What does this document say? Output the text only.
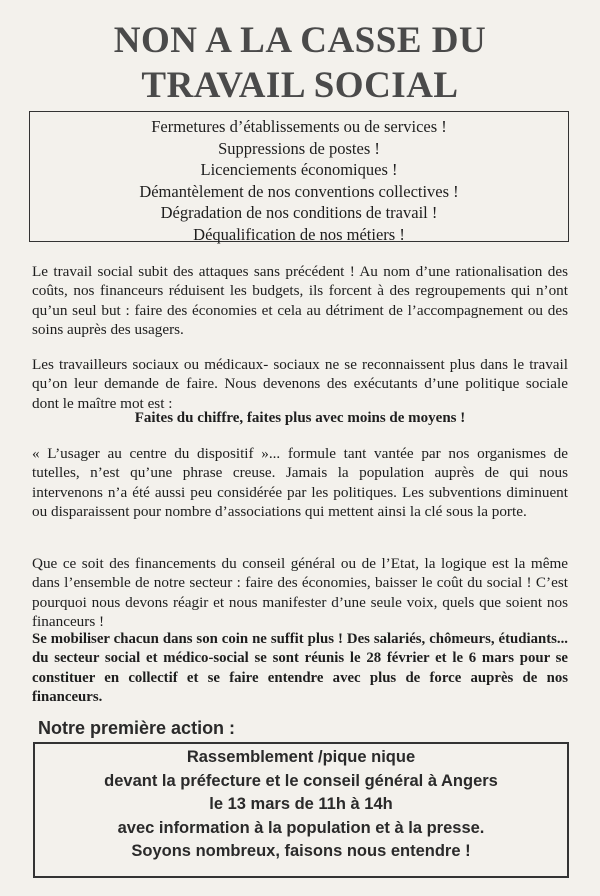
NON A LA CASSE DU
TRAVAIL SOCIAL
Fermetures d’établissements ou de services !
Suppressions de postes !
Licenciements économiques !
Démantèlement de nos conventions collectives !
Dégradation de nos conditions de travail !
Déqualification de nos métiers !
Le travail social subit des attaques sans précédent ! Au nom d’une rationalisation des coûts, nos financeurs réduisent les budgets, ils forcent à des regroupements qui n’ont qu’un seul but : faire des économies et cela au détriment de l’accompagnement ou des soins auprès des usagers.
Les travailleurs sociaux ou médicaux- sociaux ne se reconnaissent plus dans le travail qu’on leur demande de faire. Nous devenons des exécutants d’une politique sociale dont le maître mot est :
Faites du chiffre, faites plus avec moins de moyens !
« L’usager au centre du dispositif »... formule tant vantée par nos organismes de tutelles, n’est qu’une phrase creuse. Jamais la population auprès de qui nous intervenons n’a été aussi peu considérée par les politiques. Les subventions diminuent ou disparaissent pour nombre d’associations qui mettent ainsi la clé sous la porte.
Que ce soit des financements du conseil général ou de l’Etat, la logique est la même dans l’ensemble de notre secteur : faire des économies, baisser le coût du social ! C’est pourquoi nous devons réagir et nous manifester d’une seule voix, quels que soient nos financeurs !
Se mobiliser chacun dans son coin ne suffit plus ! Des salariés, chômeurs, étudiants... du secteur social et médico-social se sont réunis le 28 février et le 6 mars pour se constituer en collectif et se faire entendre avec plus de force auprès de nos financeurs.
Notre première action :
Rassemblement /pique nique
devant la préfecture et le conseil général à Angers
le 13 mars de 11h à 14h
avec information à la population et à la presse.
Soyons nombreux, faisons nous entendre !
